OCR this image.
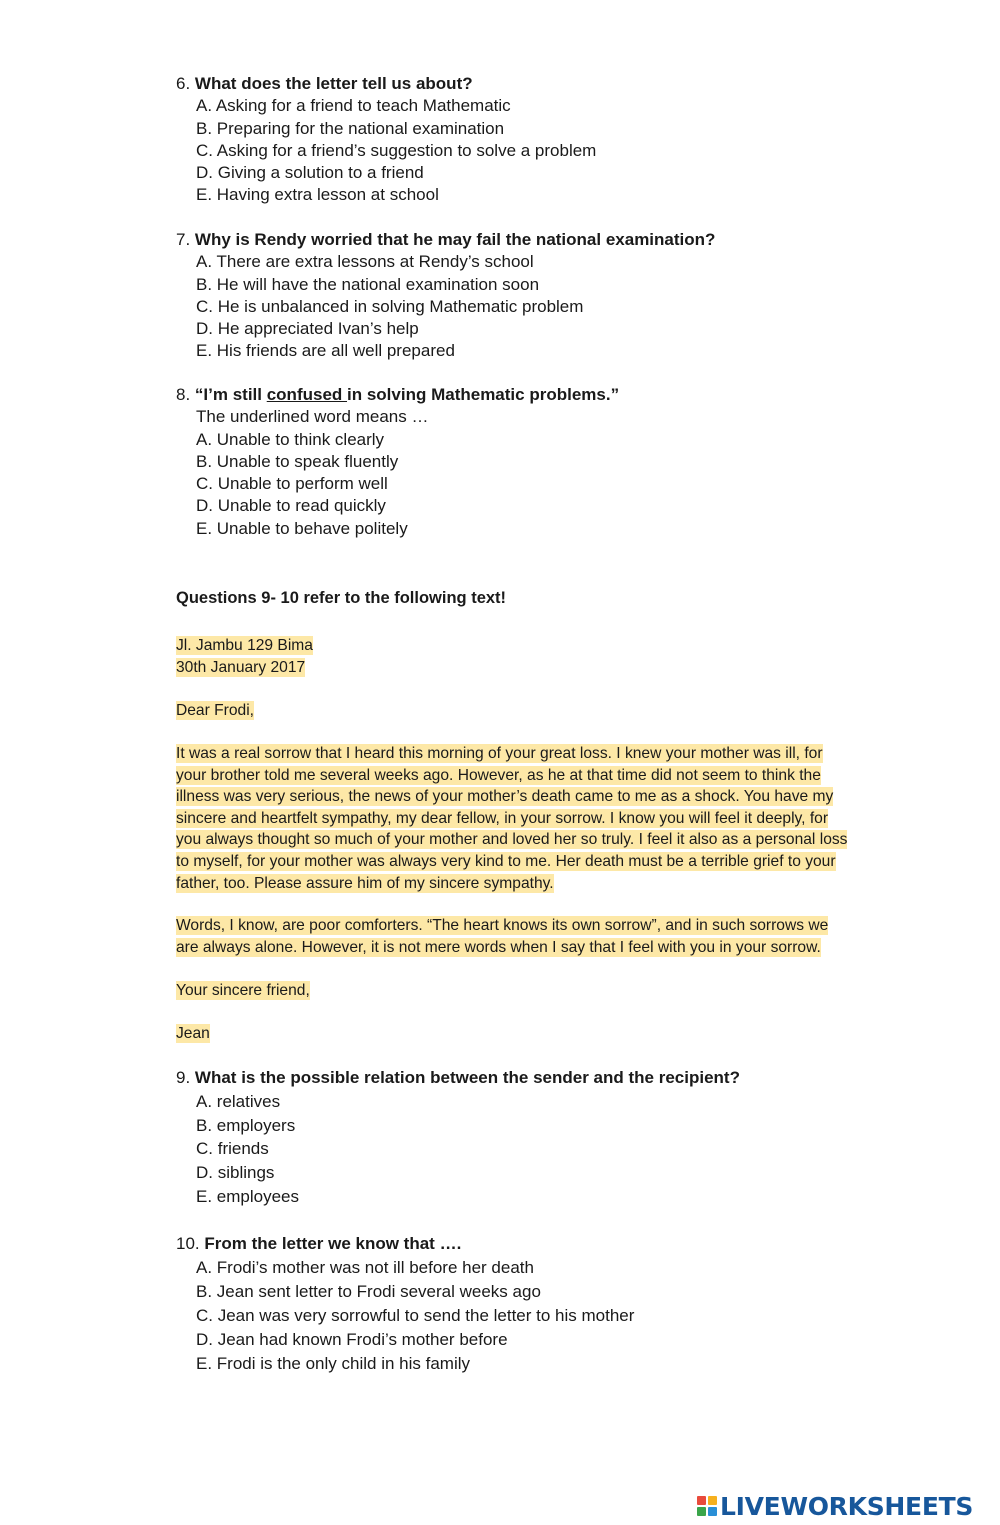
6. What does the letter tell us about?
A. Asking for a friend to teach Mathematic
B. Preparing for the national examination
C. Asking for a friend’s suggestion to solve a problem
D. Giving a solution to a friend
E. Having extra lesson at school
7. Why is Rendy worried that he may fail the national examination?
A. There are extra lessons at Rendy’s school
B. He will have the national examination soon
C. He is unbalanced in solving Mathematic problem
D. He appreciated Ivan’s help
E. His friends are all well prepared
8. “I’m still confused in solving Mathematic problems.”
The underlined word means …
A. Unable to think clearly
B. Unable to speak fluently
C. Unable to perform well
D. Unable to read quickly
E. Unable to behave politely
Questions 9- 10 refer to the following text!
Jl. Jambu 129 Bima
30th January 2017
Dear Frodi,
It was a real sorrow that I heard this morning of your great loss. I knew your mother was ill, for
your brother told me several weeks ago. However, as he at that time did not seem to think the
illness was very serious, the news of your mother’s death came to me as a shock. You have my
sincere and heartfelt sympathy, my dear fellow, in your sorrow. I know you will feel it deeply, for
you always thought so much of your mother and loved her so truly. I feel it also as a personal loss
to myself, for your mother was always very kind to me. Her death must be a terrible grief to your
father, too. Please assure him of my sincere sympathy.
Words, I know, are poor comforters. “The heart knows its own sorrow”, and in such sorrows we
are always alone. However, it is not mere words when I say that I feel with you in your sorrow.
Your sincere friend,
Jean
9. What is the possible relation between the sender and the recipient?
A. relatives
B. employers
C. friends
D. siblings
E. employees
10. From the letter we know that ….
A. Frodi’s mother was not ill before her death
B. Jean sent letter to Frodi several weeks ago
C. Jean was very sorrowful to send the letter to his mother
D. Jean had known Frodi’s mother before
E. Frodi is the only child in his family
LIVEWORKSHEETS
